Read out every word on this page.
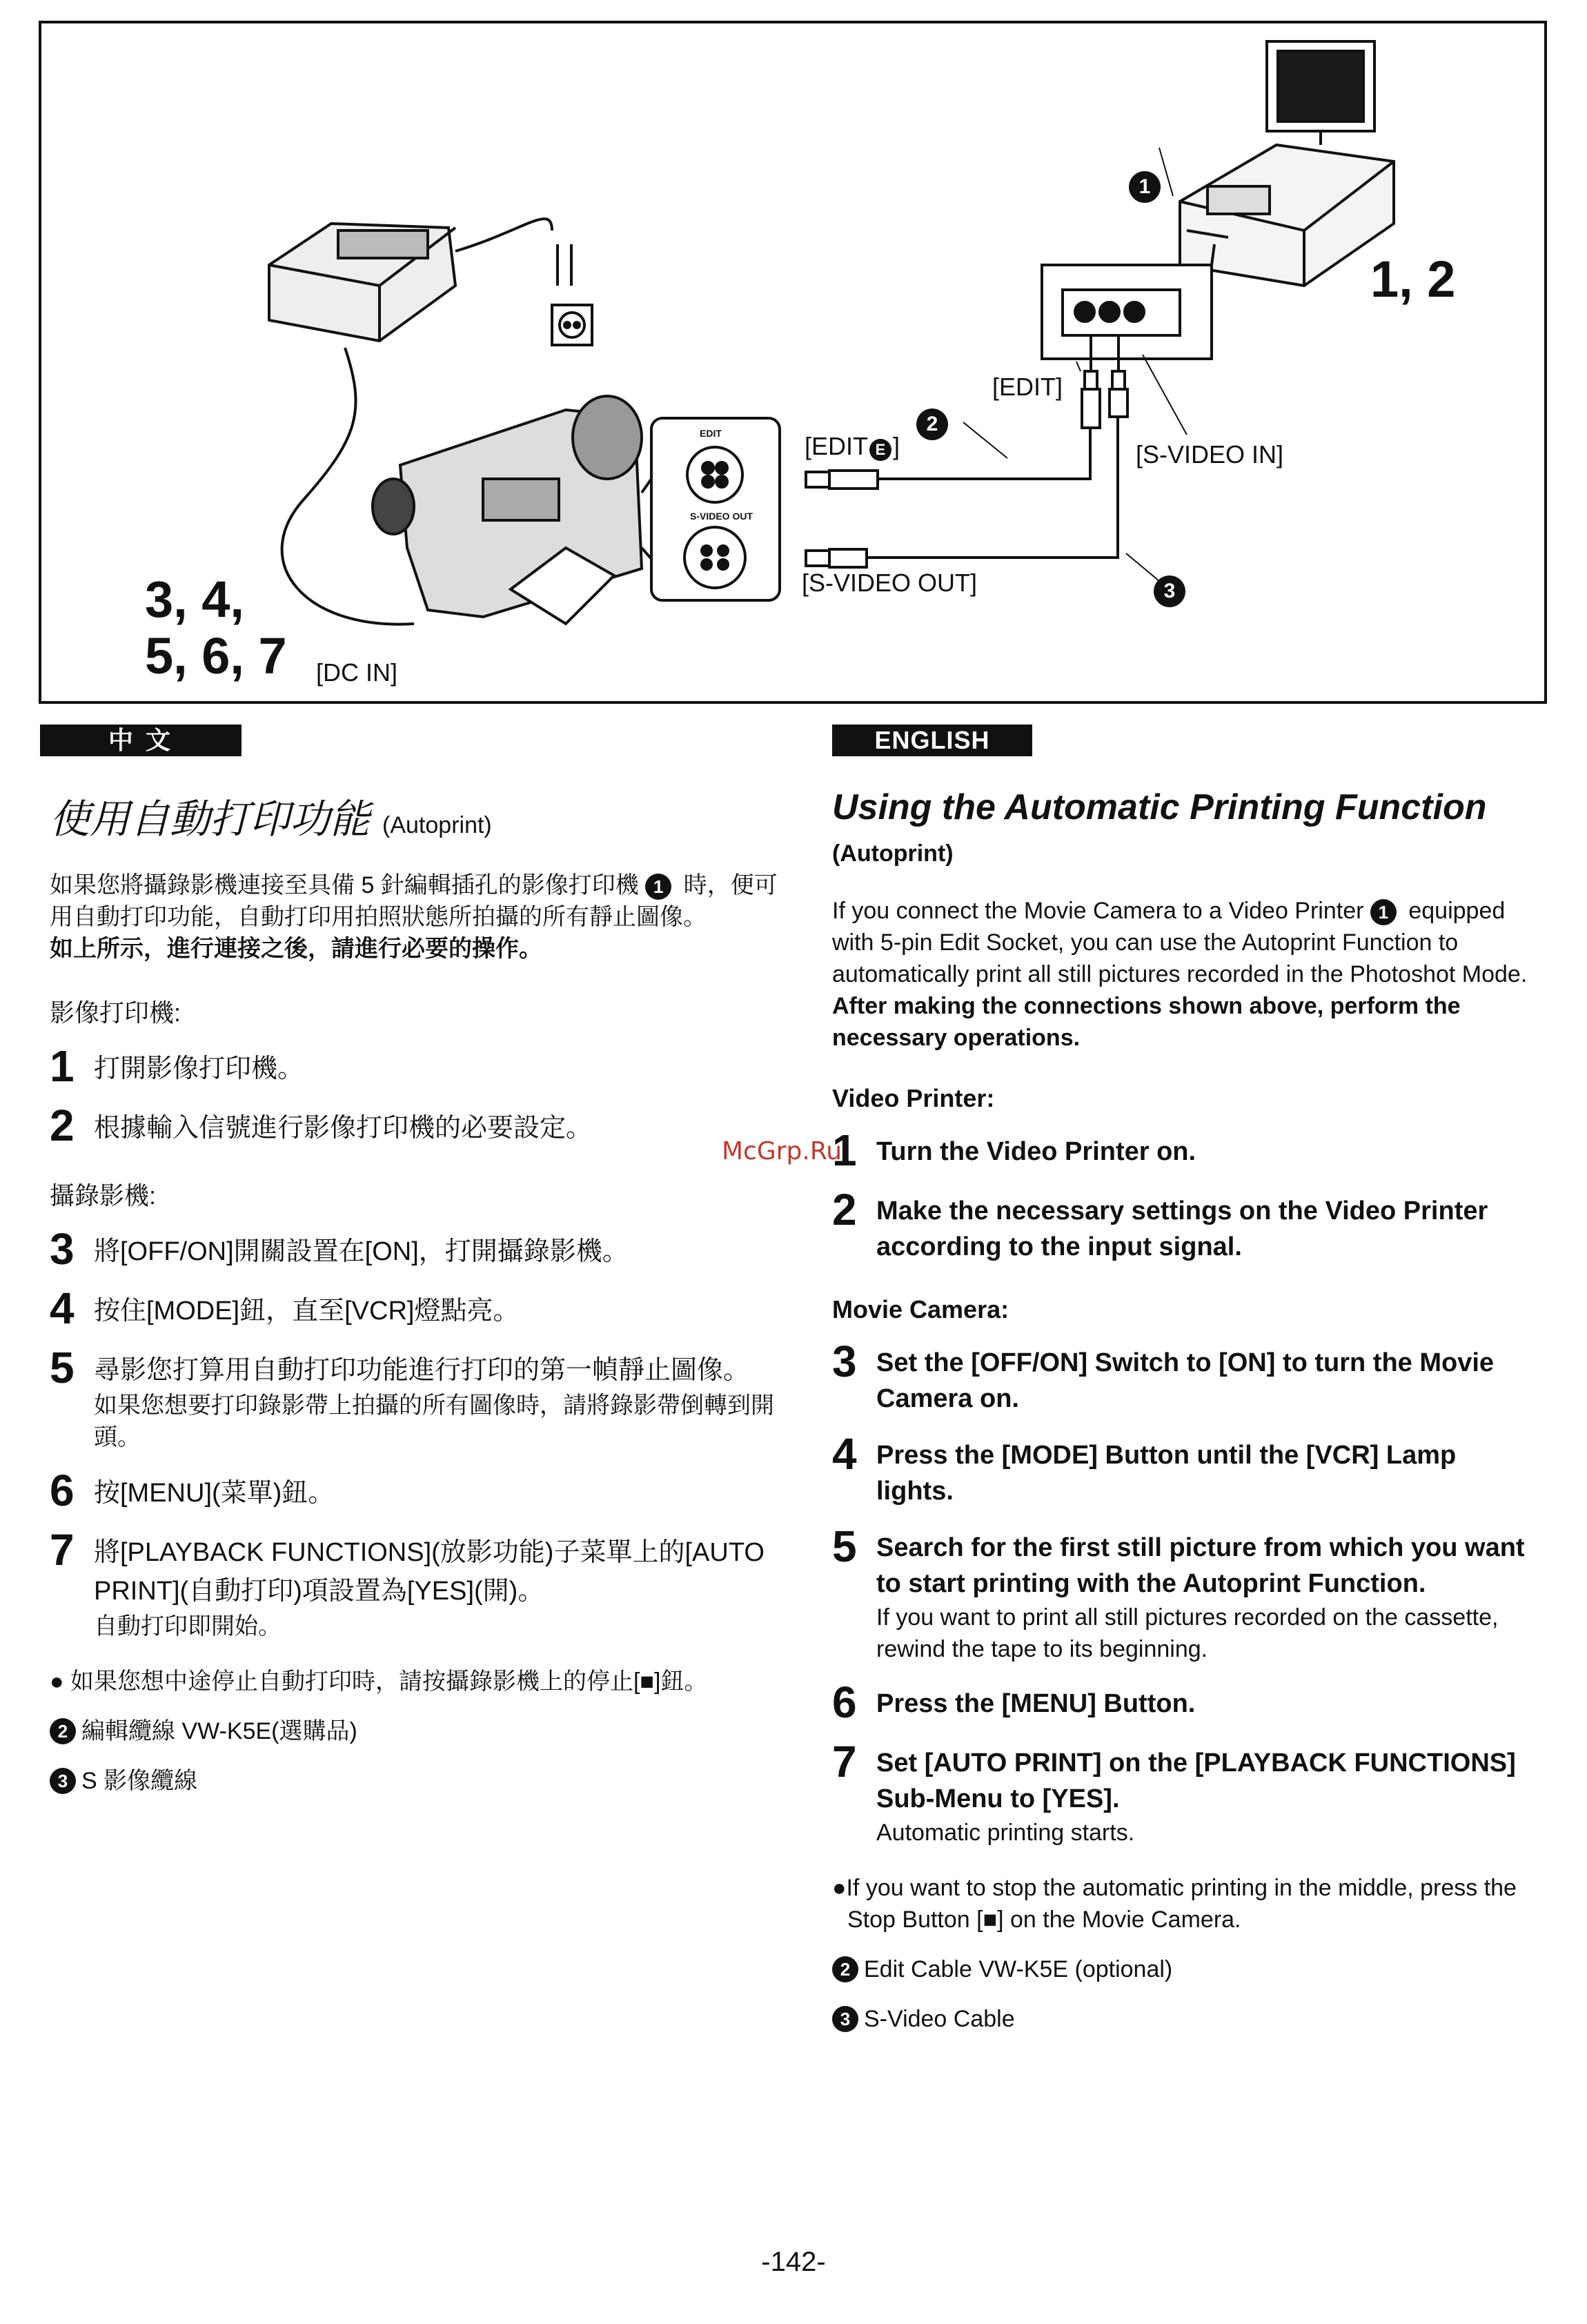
[EDIT]
[S-VIDEO IN]
[EDIT E ]
[S-VIDEO OUT]
[DC IN]
EDIT
S-VIDEO OUT
1, 2
3, 4,
5, 6, 7
1
2
3
中 文	ENGLISH
使用自動打印功能 (Autoprint)
如果您將攝錄影機連接至具備 5 針編輯插孔的影像打印機 1 時，便可用自動打印功能，自動打印用拍照狀態所拍攝的所有靜止圖像。
如上所示，進行連接之後，請進行必要的操作。
影像打印機:
1 打開影像打印機。
2 根據輸入信號進行影像打印機的必要設定。
攝錄影機:
3 將[OFF/ON]開關設置在[ON]，打開攝錄影機。
4 按住[MODE]鈕，直至[VCR]燈點亮。
5 尋影您打算用自動打印功能進行打印的第一幀靜止圖像。
如果您想要打印錄影帶上拍攝的所有圖像時，請將錄影帶倒轉到開頭。
6 按[MENU](菜單)鈕。
7 將[PLAYBACK FUNCTIONS](放影功能)子菜單上的[AUTO PRINT](自動打印)項設置為[YES](開)。
自動打印即開始。
● 如果您想中途停止自動打印時，請按攝錄影機上的停止[■]鈕。
2 編輯纜線 VW-K5E(選購品)
3 S 影像纜線
Using the Automatic Printing Function
(Autoprint)
If you connect the Movie Camera to a Video Printer 1 equipped with 5-pin Edit Socket, you can use the Autoprint Function to automatically print all still pictures recorded in the Photoshot Mode.
After making the connections shown above, perform the necessary operations.
Video Printer:
1 Turn the Video Printer on.
2 Make the necessary settings on the Video Printer according to the input signal.
Movie Camera:
3 Set the [OFF/ON] Switch to [ON] to turn the Movie Camera on.
4 Press the [MODE] Button until the [VCR] Lamp lights.
5 Search for the first still picture from which you want to start printing with the Autoprint Function.
If you want to print all still pictures recorded on the cassette, rewind the tape to its beginning.
6 Press the [MENU] Button.
7 Set [AUTO PRINT] on the [PLAYBACK FUNCTIONS] Sub-Menu to [YES].
Automatic printing starts.
●If you want to stop the automatic printing in the middle, press the Stop Button [■] on the Movie Camera.
2 Edit Cable VW-K5E (optional)
3 S-Video Cable
McGrp.Ru
-142-
